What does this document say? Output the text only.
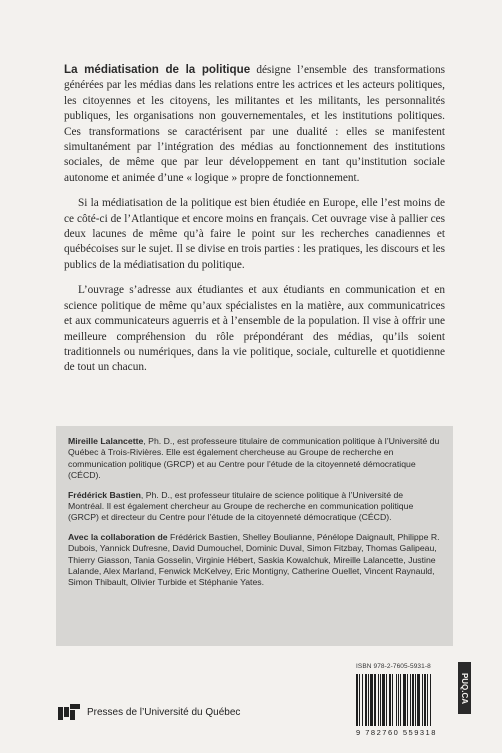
La médiatisation de la politique désigne l’ensemble des transformations générées par les médias dans les relations entre les actrices et les acteurs politiques, les citoyennes et les citoyens, les militantes et les militants, les personnalités publiques, les organisations non gouvernementales, et les institutions politiques. Ces transformations se caractérisent par une dualité : elles se manifestent simultanément par l’intégration des médias au fonctionnement des institutions sociales, de même que par leur développement en tant qu’institution sociale autonome et animée d’une « logique » propre de fonctionnement.

Si la médiatisation de la politique est bien étudiée en Europe, elle l’est moins de ce côté-ci de l’Atlantique et encore moins en français. Cet ouvrage vise à pallier ces deux lacunes de même qu’à faire le point sur les recherches canadiennes et québécoises sur le sujet. Il se divise en trois parties : les pratiques, les discours et les publics de la médiatisation du politique.

L’ouvrage s’adresse aux étudiantes et aux étudiants en communication et en science politique de même qu’aux spécialistes en la matière, aux communicatrices et aux communicateurs aguerris et à l’ensemble de la population. Il vise à offrir une meilleure compréhension du rôle prépondérant des médias, qu’ils soient traditionnels ou numériques, dans la vie politique, sociale, culturelle et quotidienne de tout un chacun.

Mireille Lalancette, Ph. D., est professeure titulaire de communication politique à l’Université du Québec à Trois-Rivières. Elle est également chercheuse au Groupe de recherche en communication politique (GRCP) et au Centre pour l’étude de la citoyenneté démocratique (CÉCD).

Frédérick Bastien, Ph. D., est professeur titulaire de science politique à l’Université de Montréal. Il est également chercheur au Groupe de recherche en communication politique (GRCP) et directeur du Centre pour l’étude de la citoyenneté démocratique (CÉCD).

Avec la collaboration de Frédérick Bastien, Shelley Boulianne, Pénélope Daignault, Philippe R. Dubois, Yannick Dufresne, David Dumouchel, Dominic Duval, Simon Fitzbay, Thomas Galipeau, Thierry Giasson, Tania Gosselin, Virginie Hébert, Saskia Kowalchuk, Mireille Lalancette, Justine Lalande, Alex Marland, Fenwick McKelvey, Eric Montigny, Catherine Ouellet, Vincent Raynauld, Simon Thibault, Olivier Turbide et Stéphanie Yates.

ISBN 978-2-7605-5931-8
9 782760 559318
PUQ.CA
Presses de l’Université du Québec
